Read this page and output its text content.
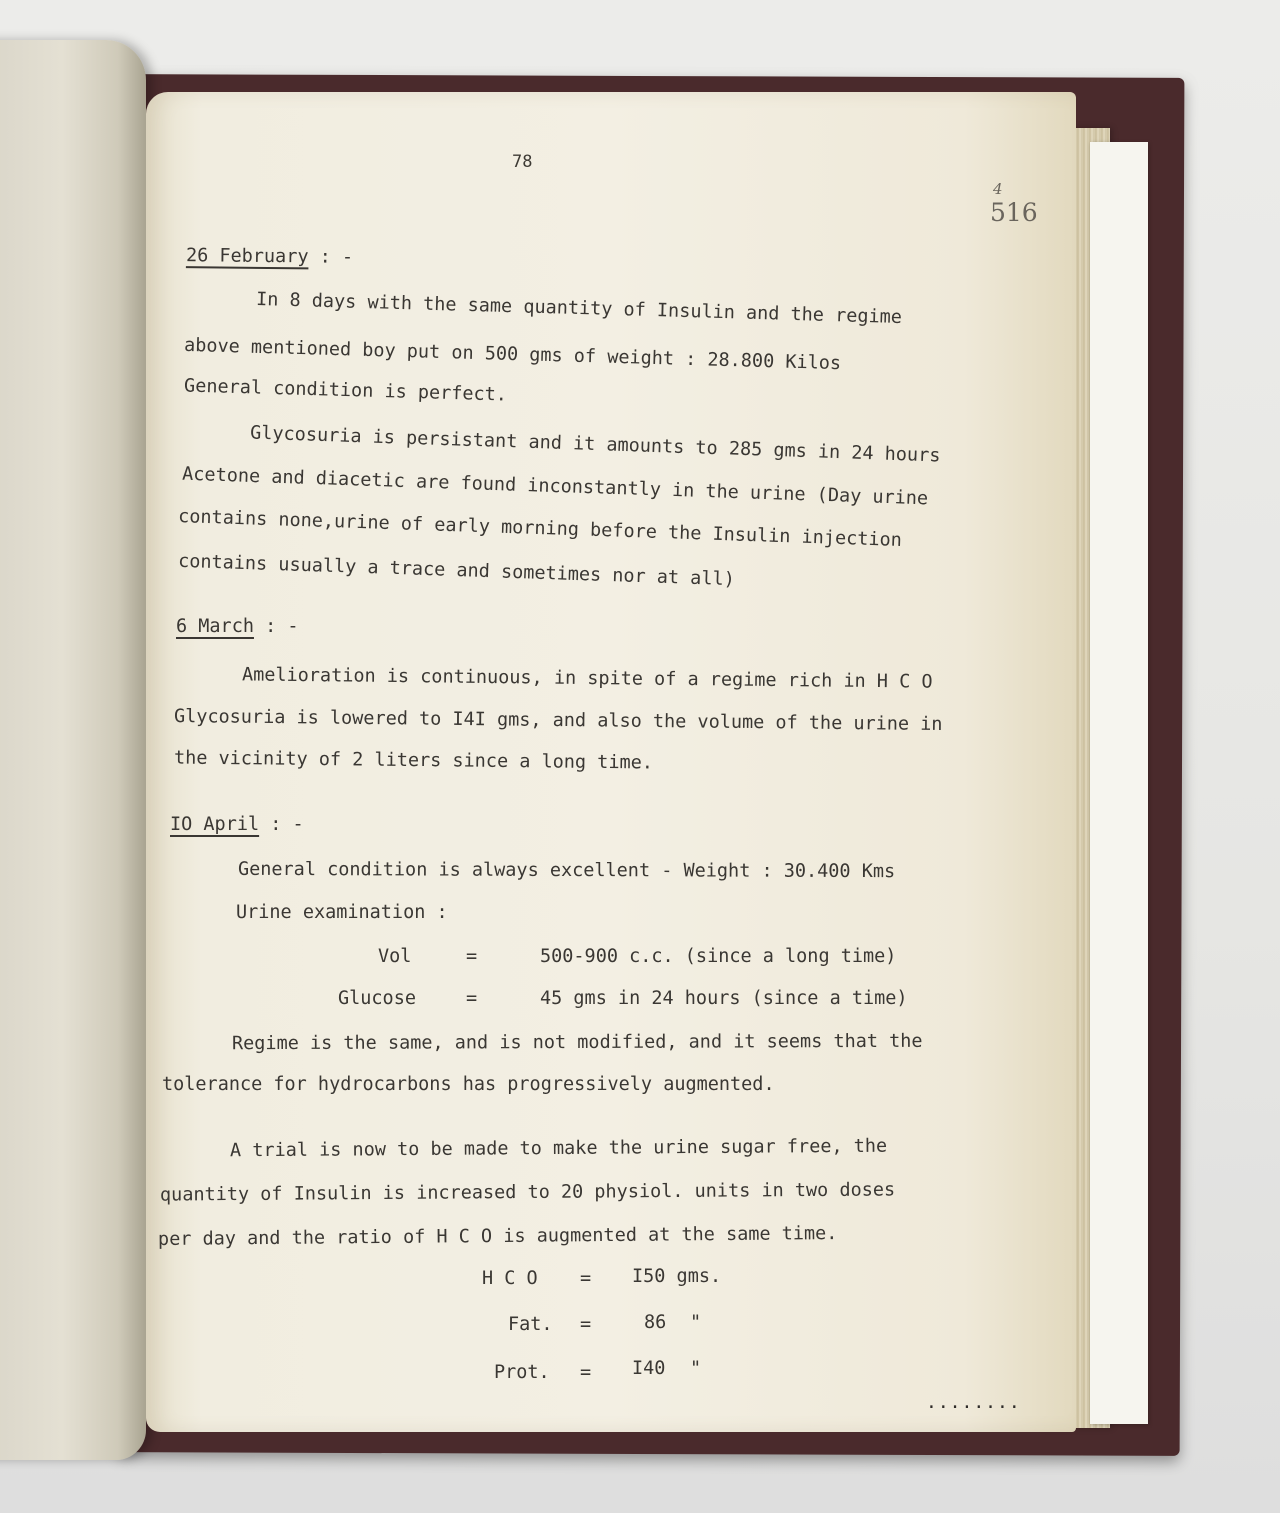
78
4
516
26 February : -
In 8 days with the same quantity of Insulin and the regime
above mentioned boy put on 500 gms of weight : 28.800 Kilos
General condition is perfect.
Glycosuria is persistant and it amounts to 285 gms in 24 hours
Acetone and diacetic are found inconstantly in the urine (Day urine
contains none,urine of early morning before the Insulin injection
contains usually a trace and sometimes nor at all)
6 March : -
Amelioration is continuous, in spite of a regime rich in H C O
Glycosuria is lowered to I4I gms, and also the volume of the urine in
the vicinity of 2 liters since a long time.
IO April : -
General condition is always excellent - Weight : 30.400 Kms
Urine examination :
Vol	=	500-900 c.c. (since a long time)
Glucose	=	45 gms in 24 hours (since a time)
Regime is the same, and is not modified, and it seems that the
tolerance for hydrocarbons has progressively augmented.
A trial is now to be made to make the urine sugar free, the
quantity of Insulin is increased to 20 physiol. units in two doses
per day and the ratio of H C O is augmented at the same time.
H C O = I50 gms.
Fat. =	86 "
Prot. = I40 "
........
